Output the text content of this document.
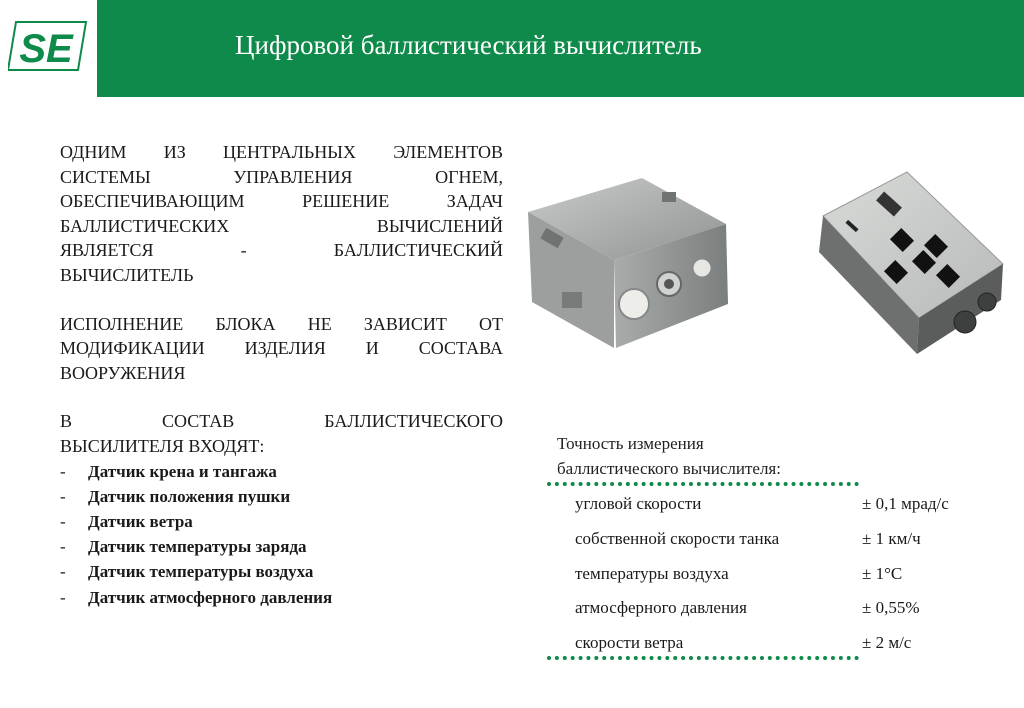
SE	Цифровой баллистический вычислитель
ОДНИМ ИЗ ЦЕНТРАЛЬНЫХ ЭЛЕМЕНТОВ
СИСТЕМЫ УПРАВЛЕНИЯ ОГНЕМ,
ОБЕСПЕЧИВАЮЩИМ РЕШЕНИЕ ЗАДАЧ
БАЛЛИСТИЧЕСКИХ ВЫЧИСЛЕНИЙ
ЯВЛЯЕТСЯ - БАЛЛИСТИЧЕСКИЙ
ВЫЧИСЛИТЕЛЬ
ИСПОЛНЕНИЕ БЛОКА НЕ ЗАВИСИТ ОТ
МОДИФИКАЦИИ ИЗДЕЛИЯ И СОСТАВА
ВООРУЖЕНИЯ
В СОСТАВ БАЛЛИСТИЧЕСКОГО
ВЫСИЛИТЕЛЯ ВХОДЯТ:
- Датчик крена и тангажа
- Датчик положения пушки
- Датчик ветра
- Датчик температуры заряда
- Датчик температуры воздуха
- Датчик атмосферного давления
Точность измерения
баллистического вычислителя:
угловой скорости	± 0,1 мрад/с
собственной скорости танка	± 1 км/ч
температуры воздуха	± 1°С
атмосферного давления	± 0,55%
скорости ветра	± 2 м/с
